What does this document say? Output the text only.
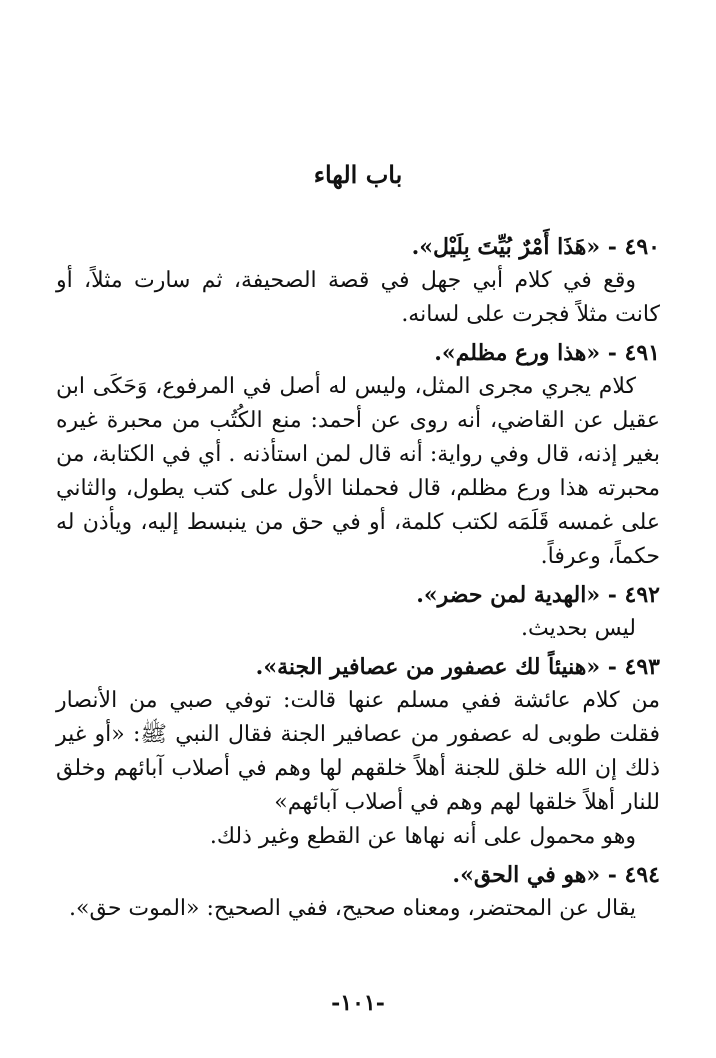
باب الهاء

٤٩٠ - «هَذَا أَمْرٌ بُيِّتَ بِلَيْل».
وقع في كلام أبي جهل في قصة الصحيفة، ثم سارت مثلاً، أو كانت مثلاً فجرت على لسانه.

٤٩١ - «هذا ورع مظلم».
كلام يجري مجرى المثل، وليس له أصل في المرفوع، وَحَكَى ابن عقيل عن القاضي، أنه روى عن أحمد: منع الكُتُب من محبرة غيره بغير إذنه، قال وفي رواية: أنه قال لمن استأذنه . أي في الكتابة، من محبرته هذا ورع مظلم، قال فحملنا الأول على كتب يطول، والثاني على غمسه قَلَمَه لكتب كلمة، أو في حق من ينبسط إليه، ويأذن له حكماً، وعرفاً.

٤٩٢ - «الهدية لمن حضر».
ليس بحديث.

٤٩٣ - «هنيئاً لك عصفور من عصافير الجنة».
من كلام عائشة ففي مسلم عنها قالت: توفي صبي من الأنصار فقلت طوبى له عصفور من عصافير الجنة فقال النبي ﷺ: «أو غير ذلك إن الله خلق للجنة أهلاً خلقهم لها وهم في أصلاب آبائهم وخلق للنار أهلاً خلقها لهم وهم في أصلاب آبائهم»
وهو محمول على أنه نهاها عن القطع وغير ذلك.

٤٩٤ - «هو في الحق».
يقال عن المحتضر، ومعناه صحيح، ففي الصحيح: «الموت حق».

-١٠١-
